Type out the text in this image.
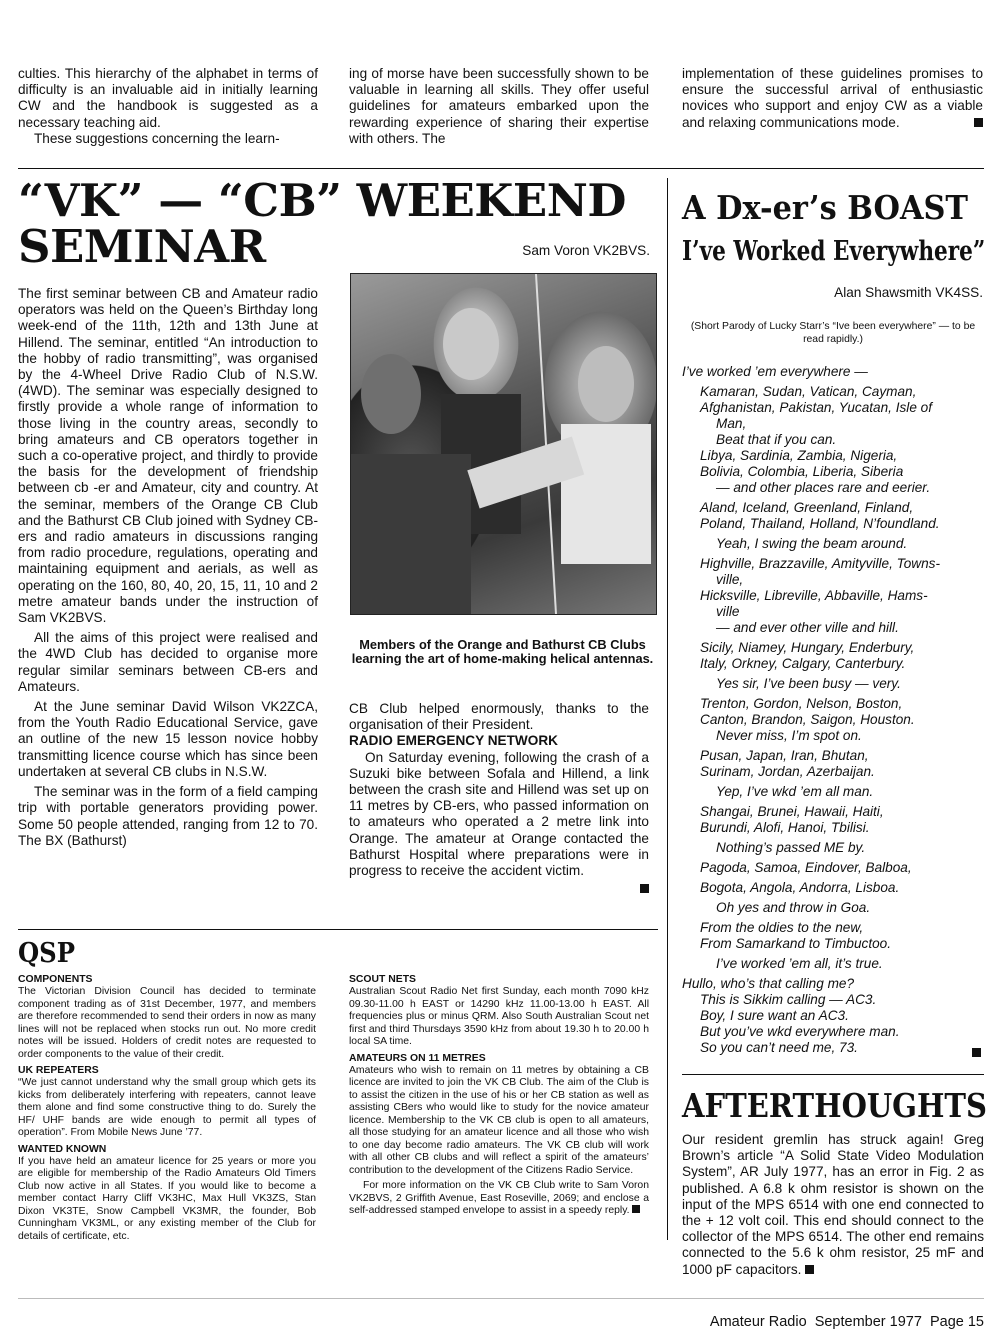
culties. This hierarchy of the alphabet in terms of difficulty is an invaluable aid in initially learning CW and the handbook is suggested as a necessary teaching aid.

These suggestions concerning the learn-

ing of morse have been successfully shown to be valuable in learning all skills. They offer useful guidelines for amateurs embarked upon the rewarding experience of sharing their expertise with others. The

implementation of these guidelines promises to ensure the successful arrival of enthusiastic novices who support and enjoy CW as a viable and relaxing communications mode.

“VK” — “CB” WEEKEND
SEMINAR	Sam Voron VK2BVS.

The first seminar between CB and Amateur radio operators was held on the Queen’s Birthday long week-end of the 11th, 12th and 13th June at Hillend. The seminar, entitled “An introduction to the hobby of radio transmitting”, was organised by the 4-Wheel Drive Radio Club of N.S.W. (4WD). The seminar was especially designed to firstly provide a whole range of information to those living in the country areas, secondly to bring amateurs and CB operators together in such a co-operative project, and thirdly to provide the basis for the development of friendship between cb -er and Amateur, city and country. At the seminar, members of the Orange CB Club and the Bathurst CB Club joined with Sydney CB-ers and radio amateurs in discussions ranging from radio procedure, regulations, operating and maintaining equipment and aerials, as well as operating on the 160, 80, 40, 20, 15, 11, 10 and 2 metre amateur bands under the instruction of Sam VK2BVS.

All the aims of this project were realised and the 4WD Club has decided to organise more regular similar seminars between CB-ers and Amateurs.

At the June seminar David Wilson VK2ZCA, from the Youth Radio Educational Service, gave an outline of the new 15 lesson novice hobby transmitting licence course which has since been undertaken at several CB clubs in N.S.W.

The seminar was in the form of a field camping trip with portable generators providing power. Some 50 people attended, ranging from 12 to 70. The BX (Bathurst)

Members of the Orange and Bathurst CB Clubs learning the art of home-making helical antennas.

CB Club helped enormously, thanks to the organisation of their President.

RADIO EMERGENCY NETWORK

On Saturday evening, following the crash of a Suzuki bike between Sofala and Hillend, a link between the crash site and Hillend was set up on 11 metres by CB-ers, who passed information on to amateurs who operated a 2 metre link into Orange. The amateur at Orange contacted the Bathurst Hospital where preparations were in progress to receive the accident victim.

A Dx-er’s BOAST
I’ve Worked Everywhere”
Alan Shawsmith VK4SS.
(Short Parody of Lucky Starr’s “Ive been everywhere” — to be read rapidly.)
I’ve worked ’em everywhere —
Kamaran, Sudan, Vatican, Cayman,
Afghanistan, Pakistan, Yucatan, Isle of
Man,
Beat that if you can.
Libya, Sardinia, Zambia, Nigeria,
Bolivia, Colombia, Liberia, Siberia
— and other places rare and eerier.
Aland, Iceland, Greenland, Finland,
Poland, Thailand, Holland, N’foundland.
Yeah, I swing the beam around.
Highville, Brazzaville, Amityville, Towns-
ville,
Hicksville, Libreville, Abbaville, Hams-
ville
— and ever other ville and hill.
Sicily, Niamey, Hungary, Enderbury,
Italy, Orkney, Calgary, Canterbury.
Yes sir, I’ve been busy — very.
Trenton, Gordon, Nelson, Boston,
Canton, Brandon, Saigon, Houston.
Never miss, I’m spot on.
Pusan, Japan, Iran, Bhutan,
Surinam, Jordan, Azerbaijan.
Yep, I’ve wkd ’em all man.
Shangai, Brunei, Hawaii, Haiti,
Burundi, Alofi, Hanoi, Tbilisi.
Nothing’s passed ME by.
Pagoda, Samoa, Eindover, Balboa,
Bogota, Angola, Andorra, Lisboa.
Oh yes and throw in Goa.
From the oldies to the new,
From Samarkand to Timbuctoo.
I’ve worked ’em all, it’s true.
Hullo, who’s that calling me?
This is Sikkim calling — AC3.
Boy, I sure want an AC3.
But you’ve wkd everywhere man.
So you can’t need me, 73.
QSP
COMPONENTS

The Victorian Division Council has decided to terminate component trading as of 31st December, 1977, and members are therefore recommended to send their orders in now as many lines will not be replaced when stocks run out. No more credit notes will be issued. Holders of credit notes are requested to order components to the value of their credit.

UK REPEATERS

“We just cannot understand why the small group which gets its kicks from deliberately interfering with repeaters, cannot leave them alone and find some constructive thing to do. Surely the HF/ UHF bands are wide enough to permit all types of operation”. From Mobile News June ’77.

WANTED KNOWN

If you have held an amateur licence for 25 years or more you are eligible for membership of the Radio Amateurs Old Timers Club now active in all States. If you would like to become a member contact Harry Cliff VK3HC, Max Hull VK3ZS, Stan Dixon VK3TE, Snow Campbell VK3MR, the founder, Bob Cunningham VK3ML, or any existing member of the Club for details of certificate, etc.

SCOUT NETS

Australian Scout Radio Net first Sunday, each month 7090 kHz 09.30-11.00 h EAST or 14290 kHz 11.00-13.00 h EAST. All frequencies plus or minus QRM. Also South Australian Scout net first and third Thursdays 3590 kHz from about 19.30 h to 20.00 h local SA time.

AMATEURS ON 11 METRES

Amateurs who wish to remain on 11 metres by obtaining a CB licence are invited to join the VK CB Club. The aim of the Club is to assist the citizen in the use of his or her CB station as well as assisting CBers who would like to study for the novice amateur licence. Membership to the VK CB club is open to all amateurs, all those studying for an amateur licence and all those who wish to one day become radio amateurs. The VK CB club will work with all other CB clubs and will reflect a spirit of the amateurs’ contribution to the development of the Citizens Radio Service.

For more information on the VK CB Club write to Sam Voron VK2BVS, 2 Griffith Avenue, East Roseville, 2069; and enclose a self-addressed stamped envelope to assist in a speedy reply.

AFTERTHOUGHTS

Our resident gremlin has struck again! Greg Brown’s article “A Solid State Video Modulation System”, AR July 1977, has an error in Fig. 2 as published. A 6.8 k ohm resistor is shown on the input of the MPS 6514 with one end connected to the + 12 volt coil. This end should connect to the collector of the MPS 6514. The other end remains connected to the 5.6 k ohm resistor, 25 mF and 1000 pF capacitors.

Amateur Radio  September 1977  Page 15
